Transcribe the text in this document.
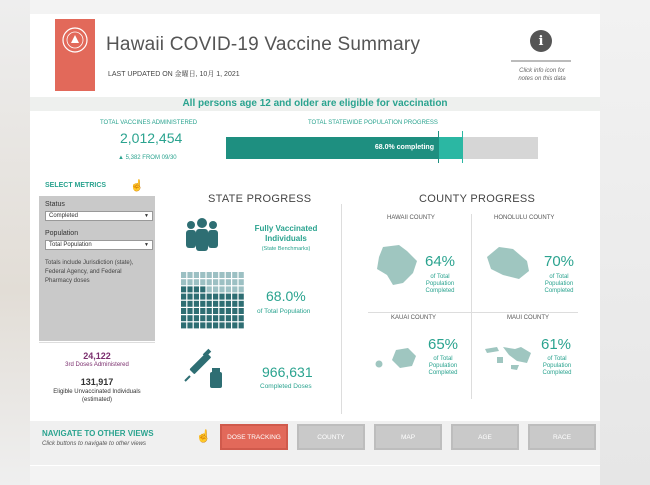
Hawaii COVID-19 Vaccine Summary
LAST UPDATED ON 金曜日, 10月 1, 2021
i
Click info icon for notes on this data
All persons age 12 and older are eligible for vaccination
TOTAL VACCINES ADMINISTERED
2,012,454
▲ 5,382 FROM 09/30
TOTAL STATEWIDE POPULATION PROGRESS
68.0% completing
SELECT METRICS ☝
Status
Completed	▼
Population
Total Population	▼
Totals include Jurisdiction (state), Federal Agency, and Federal Pharmacy doses
24,122
3rd Doses Administered
131,917
Eligible Unvaccinated Individuals (estimated)
STATE PROGRESS
Fully Vaccinated
Individuals
(State Benchmarks)
68.0%
of Total Population
966,631
Completed Doses
COUNTY PROGRESS
HAWAII COUNTY
64%
of Total
Population
Completed
HONOLULU COUNTY
70%
of Total
Population
Completed
KAUAI COUNTY
65%
of Total
Population
Completed
MAUI COUNTY
61%
of Total
Population
Completed
NAVIGATE TO OTHER VIEWS
Click buttons to navigate to other views
☝	DOSE TRACKING	COUNTY	MAP	AGE	RACE
